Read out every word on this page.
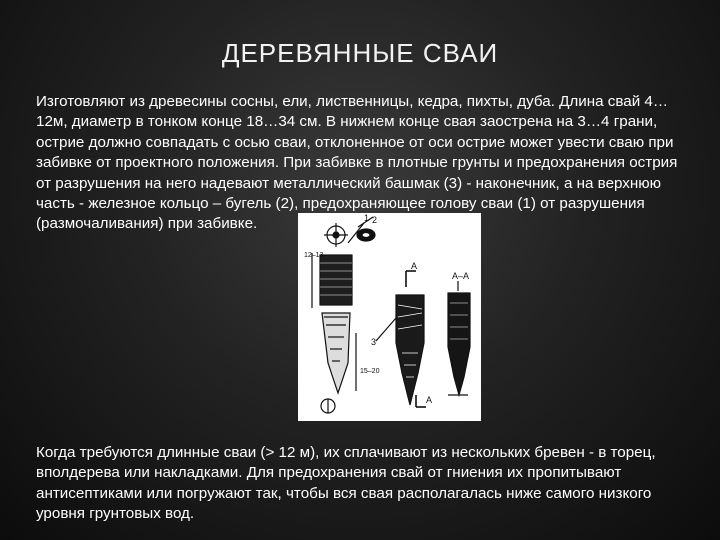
ДЕРЕВЯННЫЕ СВАИ
Изготовляют из древесины сосны, ели, лиственницы, кедра, пихты, дуба. Длина свай 4…12м, диаметр в тонком конце 18…34 см. В нижнем конце свая заострена на 3…4 грани, острие должно совпадать с осью сваи, отклоненное от оси острие может увести сваю при забивке от проектного положения. При забивке в плотные грунты и предохранения острия от разрушения на него надевают металлический башмак (3) - наконечник, а на верхнюю часть - железное кольцо – бугель (2), предохраняющее голову сваи (1) от разрушения (размочаливания) при забивке.
А–А
А
А
2
1
3
12–13
15–20
Когда требуются длинные сваи (> 12 м), их сплачивают из нескольких бревен - в торец, вполдерева или накладками. Для предохранения свай от гниения их пропитывают антисептиками или погружают так, чтобы вся свая располагалась ниже самого низкого уровня грунтовых вод.
